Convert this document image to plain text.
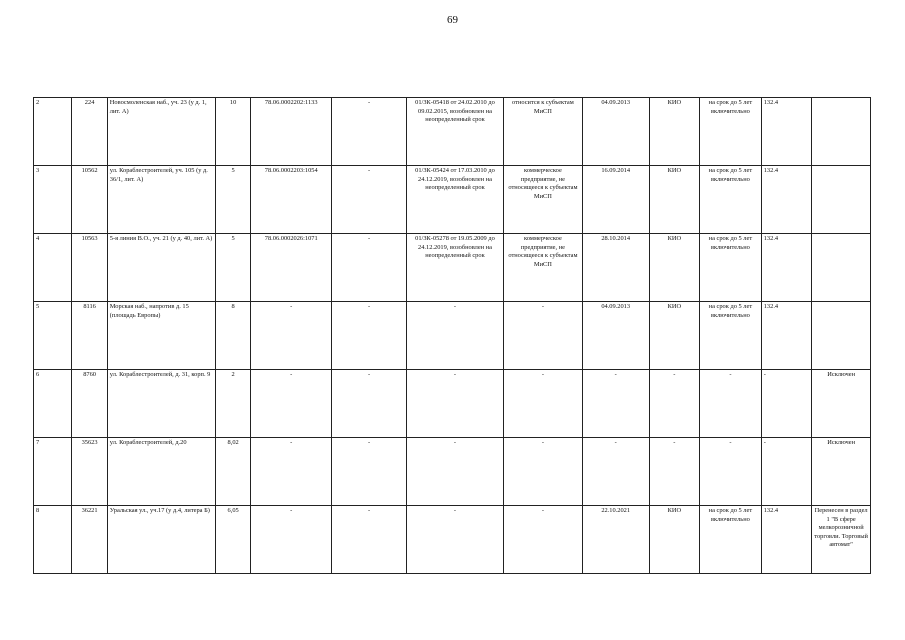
69
2	224	Новосмоленская наб., уч. 23 (у д. 1, лит. А)	10	78.06.0002202:1133	-	01/ЗК-05418 от 24.02.2010 до 09.02.2015, возобновлен на неопределенный срок	относится к субъектам МиСП	04.09.2013	КИО	на срок до 5 лет включительно	132.4	
3	10562	ул. Кораблестроителей, уч. 105 (у д. 36/1, лит. А)	5	78.06.0002203:1054	-	01/ЗК-05424 от 17.03.2010 до 24.12.2019, возобновлен на неопределенный срок	коммерческое предприятие, не относящееся к субъектам МиСП	16.09.2014	КИО	на срок до 5 лет включительно	132.4	
4	10563	5-я линия В.О., уч. 21 (у д. 40, лит. А)	5	78.06.0002026:1071	-	01/ЗК-05278 от 19.05.2009 до 24.12.2019, возобновлен на неопределенный срок	коммерческое предприятие, не относящееся к субъектам МиСП	28.10.2014	КИО	на срок до 5 лет включительно	132.4	
5	8116	Морская наб., напротив д. 15 (площадь Европы)	8	-	-	-	-	04.09.2013	КИО	на срок до 5 лет включительно	132.4	
6	8760	ул. Кораблестроителей, д. 31, корп. 9	2	-	-	-	-	-	-	-	-	Исключен
7	35623	ул. Кораблестроителей, д.20	8,02	-	-	-	-	-	-	-	-	Исключен
8	36221	Уральская ул., уч.17 (у д.4, литера Б)	6,05	-	-	-	-	22.10.2021	КИО	на срок до 5 лет включительно	132.4	Перенесен в раздел 1 "В сфере мелкорозничной торговли. Торговый автомат"
